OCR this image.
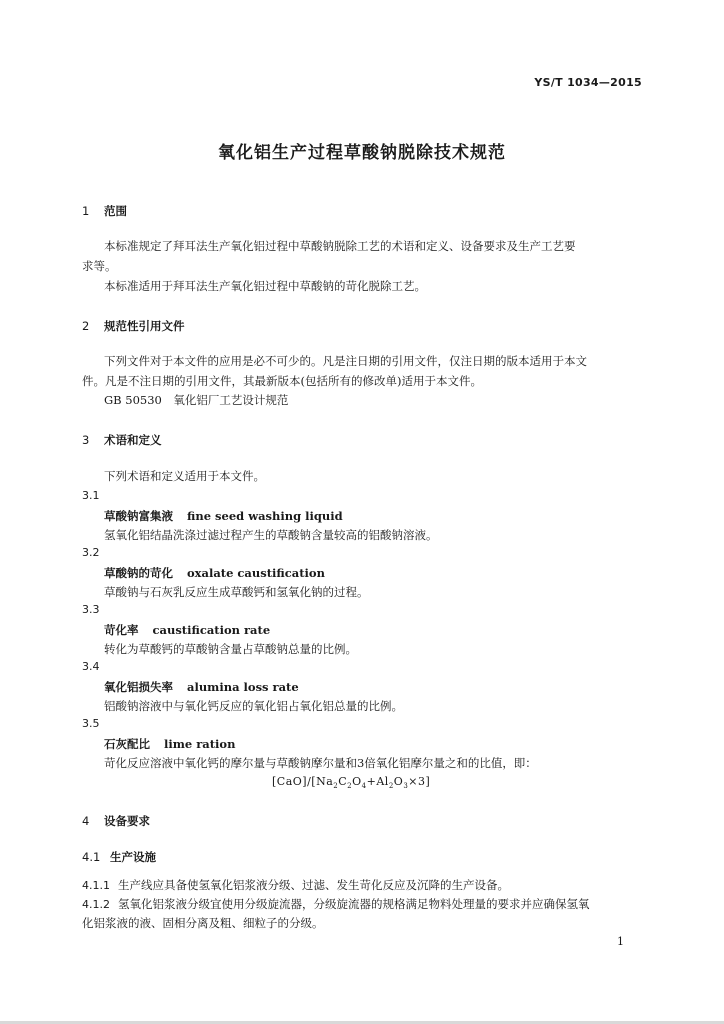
YS/T 1034—2015
氧化铝生产过程草酸钠脱除技术规范
1 范围
本标准规定了拜耳法生产氧化铝过程中草酸钠脱除工艺的术语和定义、设备要求及生产工艺要
求等。
本标准适用于拜耳法生产氧化铝过程中草酸钠的苛化脱除工艺。
2 规范性引用文件
下列文件对于本文件的应用是必不可少的。凡是注日期的引用文件，仅注日期的版本适用于本文
件。凡是不注日期的引用文件，其最新版本(包括所有的修改单)适用于本文件。
GB 50530　氧化铝厂工艺设计规范
3 术语和定义
下列术语和定义适用于本文件。
3.1
草酸钠富集液 fine seed washing liquid
氢氧化铝结晶洗涤过滤过程产生的草酸钠含量较高的铝酸钠溶液。
3.2
草酸钠的苛化 oxalate caustification
草酸钠与石灰乳反应生成草酸钙和氢氧化钠的过程。
3.3
苛化率 caustification rate
转化为草酸钙的草酸钠含量占草酸钠总量的比例。
3.4
氧化铝损失率 alumina loss rate
铝酸钠溶液中与氧化钙反应的氧化铝占氧化铝总量的比例。
3.5
石灰配比 lime ration
苛化反应溶液中氧化钙的摩尔量与草酸钠摩尔量和3倍氧化铝摩尔量之和的比值，即：
$[CaO]/[Na_2C_2O_4+Al_2O_3\times 3]$
4 设备要求
4.1 生产设施
4.1.1 生产线应具备使氢氧化铝浆液分级、过滤、发生苛化反应及沉降的生产设备。
4.1.2 氢氧化铝浆液分级宜使用分级旋流器，分级旋流器的规格满足物料处理量的要求并应确保氢氧
化铝浆液的液、固相分离及粗、细粒子的分级。
1
